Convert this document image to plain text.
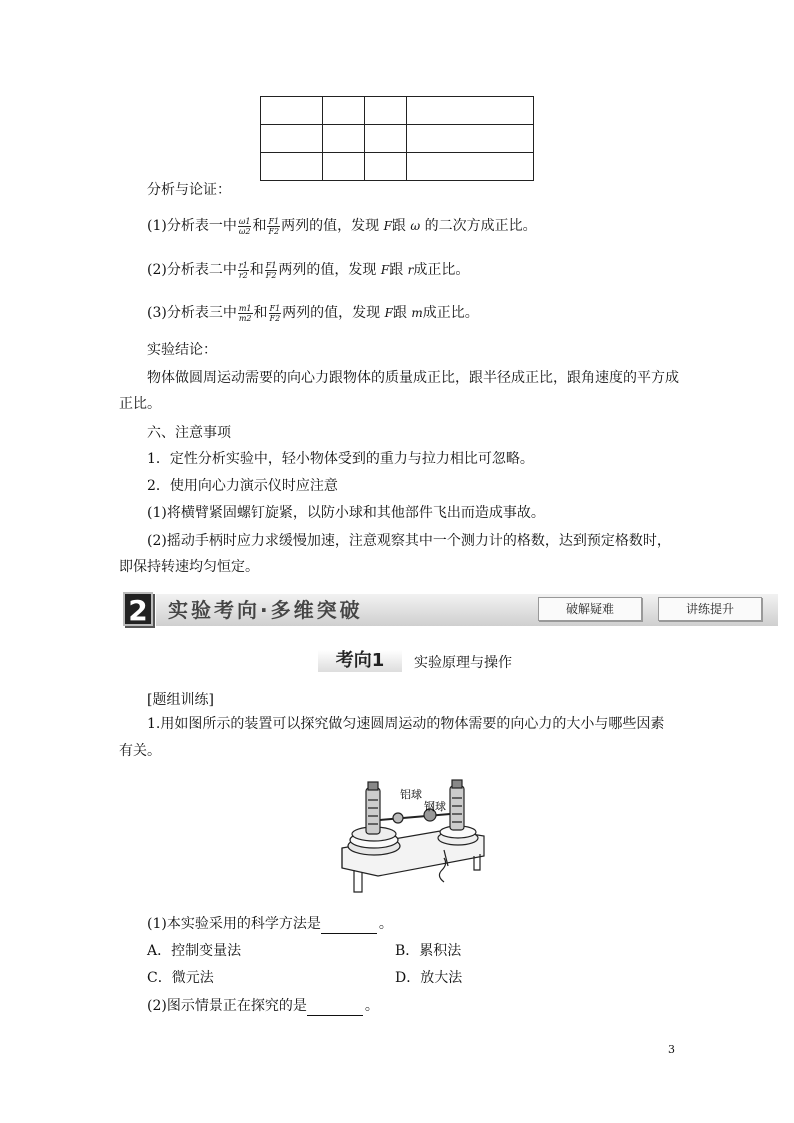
分析与论证：
(1)分析表一中 $\frac{\omega 1}{\omega 2}$ 和 $\frac{F1}{F2}$ 两列的值，发现 F跟 ω 的二次方成正比。
(2)分析表二中 $\frac{r1}{r2}$ 和 $\frac{F1}{F2}$ 两列的值，发现 F跟 r成正比。
(3)分析表三中 $\frac{m1}{m2}$ 和 $\frac{F1}{F2}$ 两列的值，发现 F跟 m成正比。
实验结论：
物体做圆周运动需要的向心力跟物体的质量成正比，跟半径成正比，跟角速度的平方成
正比。
六、注意事项
1．定性分析实验中，轻小物体受到的重力与拉力相比可忽略。
2．使用向心力演示仪时应注意
(1)将横臂紧固螺钉旋紧，以防小球和其他部件飞出而造成事故。
(2)摇动手柄时应力求缓慢加速，注意观察其中一个测力计的格数，达到预定格数时，
即保持转速均匀恒定。
2 实验考向·多维突破	破解疑难	讲练提升
考向1	实验原理与操作
[题组训练]
1.用如图所示的装置可以探究做匀速圆周运动的物体需要的向心力的大小与哪些因素
有关。
铝球
钢球
(1)本实验采用的科学方法是	。
A．控制变量法	B．累积法
C．微元法	D．放大法
(2)图示情景正在探究的是	。
3
